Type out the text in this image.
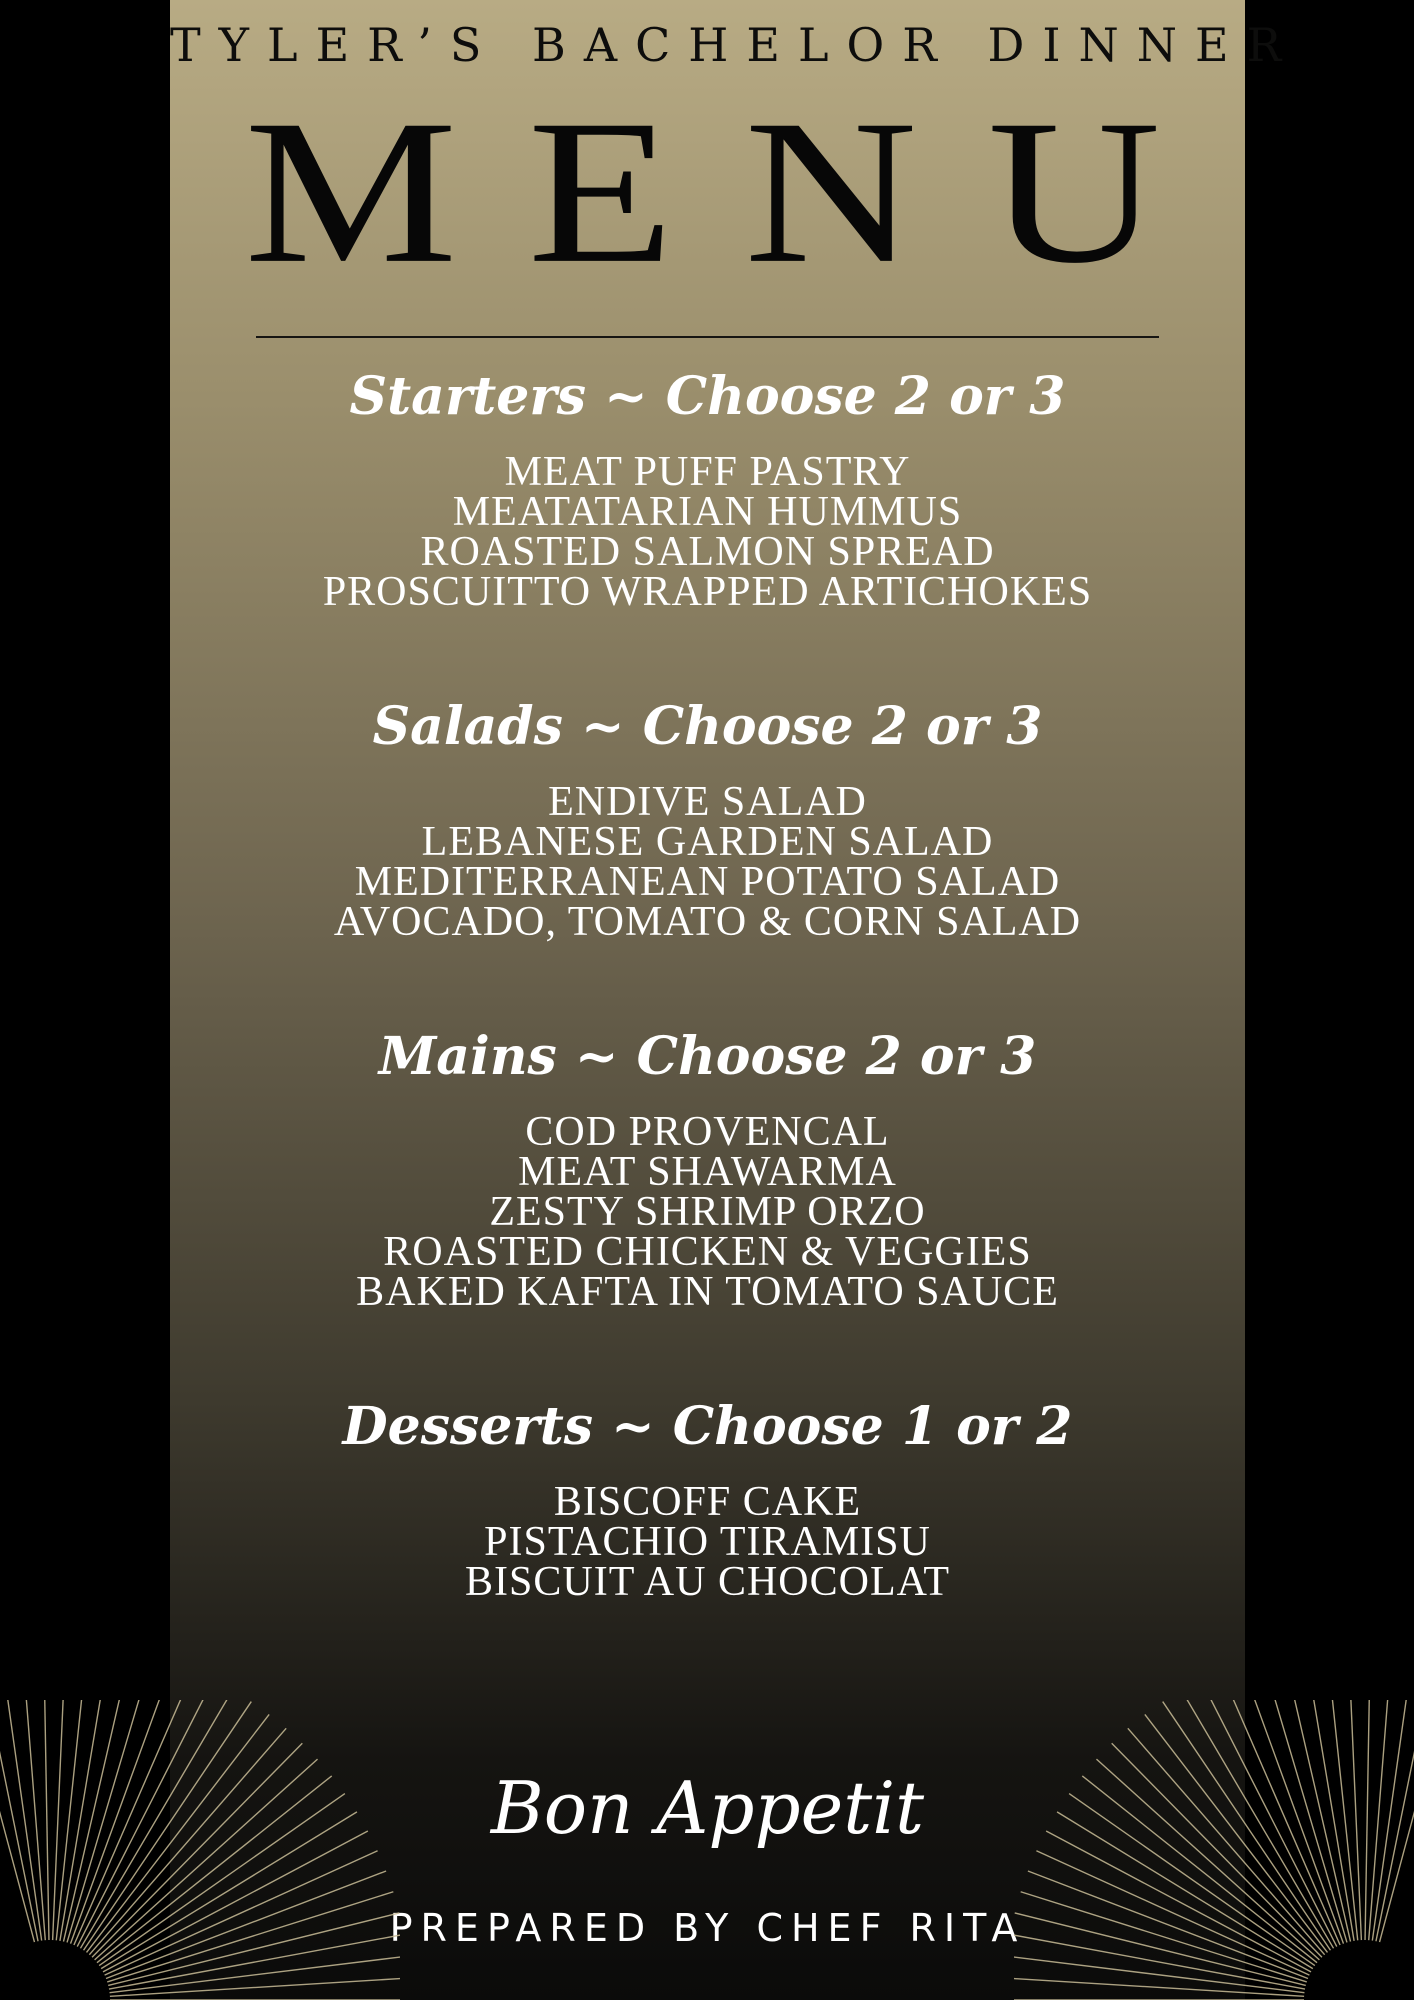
TYLER’S BACHELOR DINNER
MENU
Starters ~ Choose 2 or 3
MEAT PUFF PASTRY
MEATATARIAN HUMMUS
ROASTED SALMON SPREAD
PROSCUITTO WRAPPED ARTICHOKES
Salads ~ Choose 2 or 3
ENDIVE SALAD
LEBANESE GARDEN SALAD
MEDITERRANEAN POTATO SALAD
AVOCADO, TOMATO & CORN SALAD
Mains ~ Choose 2 or 3
COD PROVENCAL
MEAT SHAWARMA
ZESTY SHRIMP ORZO
ROASTED CHICKEN & VEGGIES
BAKED KAFTA IN TOMATO SAUCE
Desserts ~ Choose 1 or 2
BISCOFF CAKE
PISTACHIO TIRAMISU
BISCUIT AU CHOCOLAT
Bon Appetit
PREPARED BY CHEF RITA
